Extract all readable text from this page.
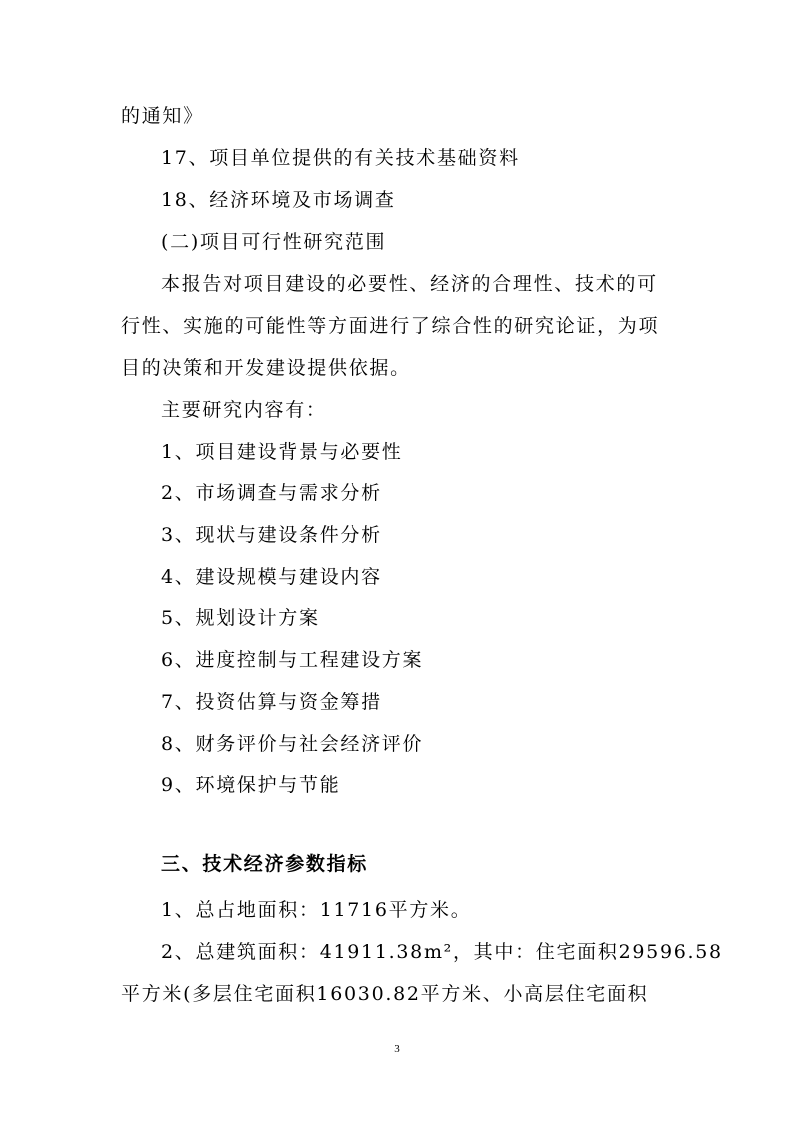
的通知》
17、项目单位提供的有关技术基础资料
18、经济环境及市场调查
(二)项目可行性研究范围
本报告对项目建设的必要性、经济的合理性、技术的可
行性、实施的可能性等方面进行了综合性的研究论证，为项
目的决策和开发建设提供依据。
主要研究内容有：
1、项目建设背景与必要性
2、市场调查与需求分析
3、现状与建设条件分析
4、建设规模与建设内容
5、规划设计方案
6、进度控制与工程建设方案
7、投资估算与资金筹措
8、财务评价与社会经济评价
9、环境保护与节能
三、技术经济参数指标
1、总占地面积：11716平方米。
2、总建筑面积：41911.38m²，其中：住宅面积29596.58
平方米(多层住宅面积16030.82平方米、小高层住宅面积
3
